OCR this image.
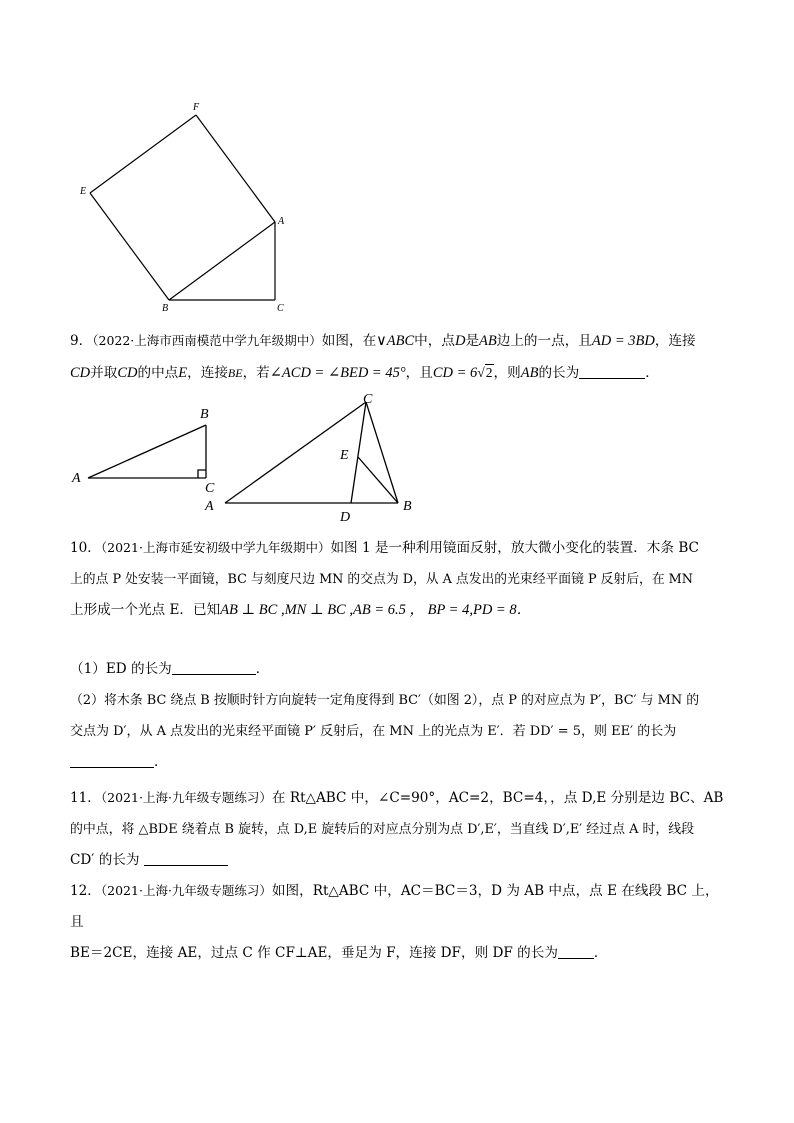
F
E
A
B	C
9．（2022·上海市西南模范中学九年级期中）如图，在∨ABC中，点D是AB边上的一点，且AD = 3BD，连接
CD并取CD的中点E，连接BE，若∠ACD = ∠BED = 45°，且CD = 6√2，则AB的长为	．
A
B
C
A
C
E
B
D
10．（2021·上海市延安初级中学九年级期中）如图 1 是一种利用镜面反射，放大微小变化的装置．木条 BC
上的点 P 处安装一平面镜，BC 与刻度尺边 MN 的交点为 D，从 A 点发出的光束经平面镜 P 反射后，在 MN
上形成一个光点 E．已知AB ⊥ BC ,MN ⊥ BC ,AB = 6.5 ， BP = 4,PD = 8．
（1）ED 的长为	．
（2）将木条 BC 绕点 B 按顺时针方向旋转一定角度得到 BC′（如图 2），点 P 的对应点为 P′，BC′ 与 MN 的
交点为 D′，从 A 点发出的光束经平面镜 P′ 反射后，在 MN 上的光点为 E′．若 DD′ = 5，则 EE′ 的长为
．
11．（2021·上海·九年级专题练习）在 Rt△ABC 中，∠C=90°，AC=2，BC=4，，点 D,E 分别是边 BC、AB
的中点，将 △BDE 绕着点 B 旋转，点 D,E 旋转后的对应点分别为点 D′,E′，当直线 D′,E′ 经过点 A 时，线段
CD′ 的长为
12．（2021·上海·九年级专题练习）如图，Rt△ABC 中，AC＝BC＝3，D 为 AB 中点，点 E 在线段 BC 上，且
BE＝2CE，连接 AE，过点 C 作 CF⊥AE，垂足为 F，连接 DF，则 DF 的长为	．
